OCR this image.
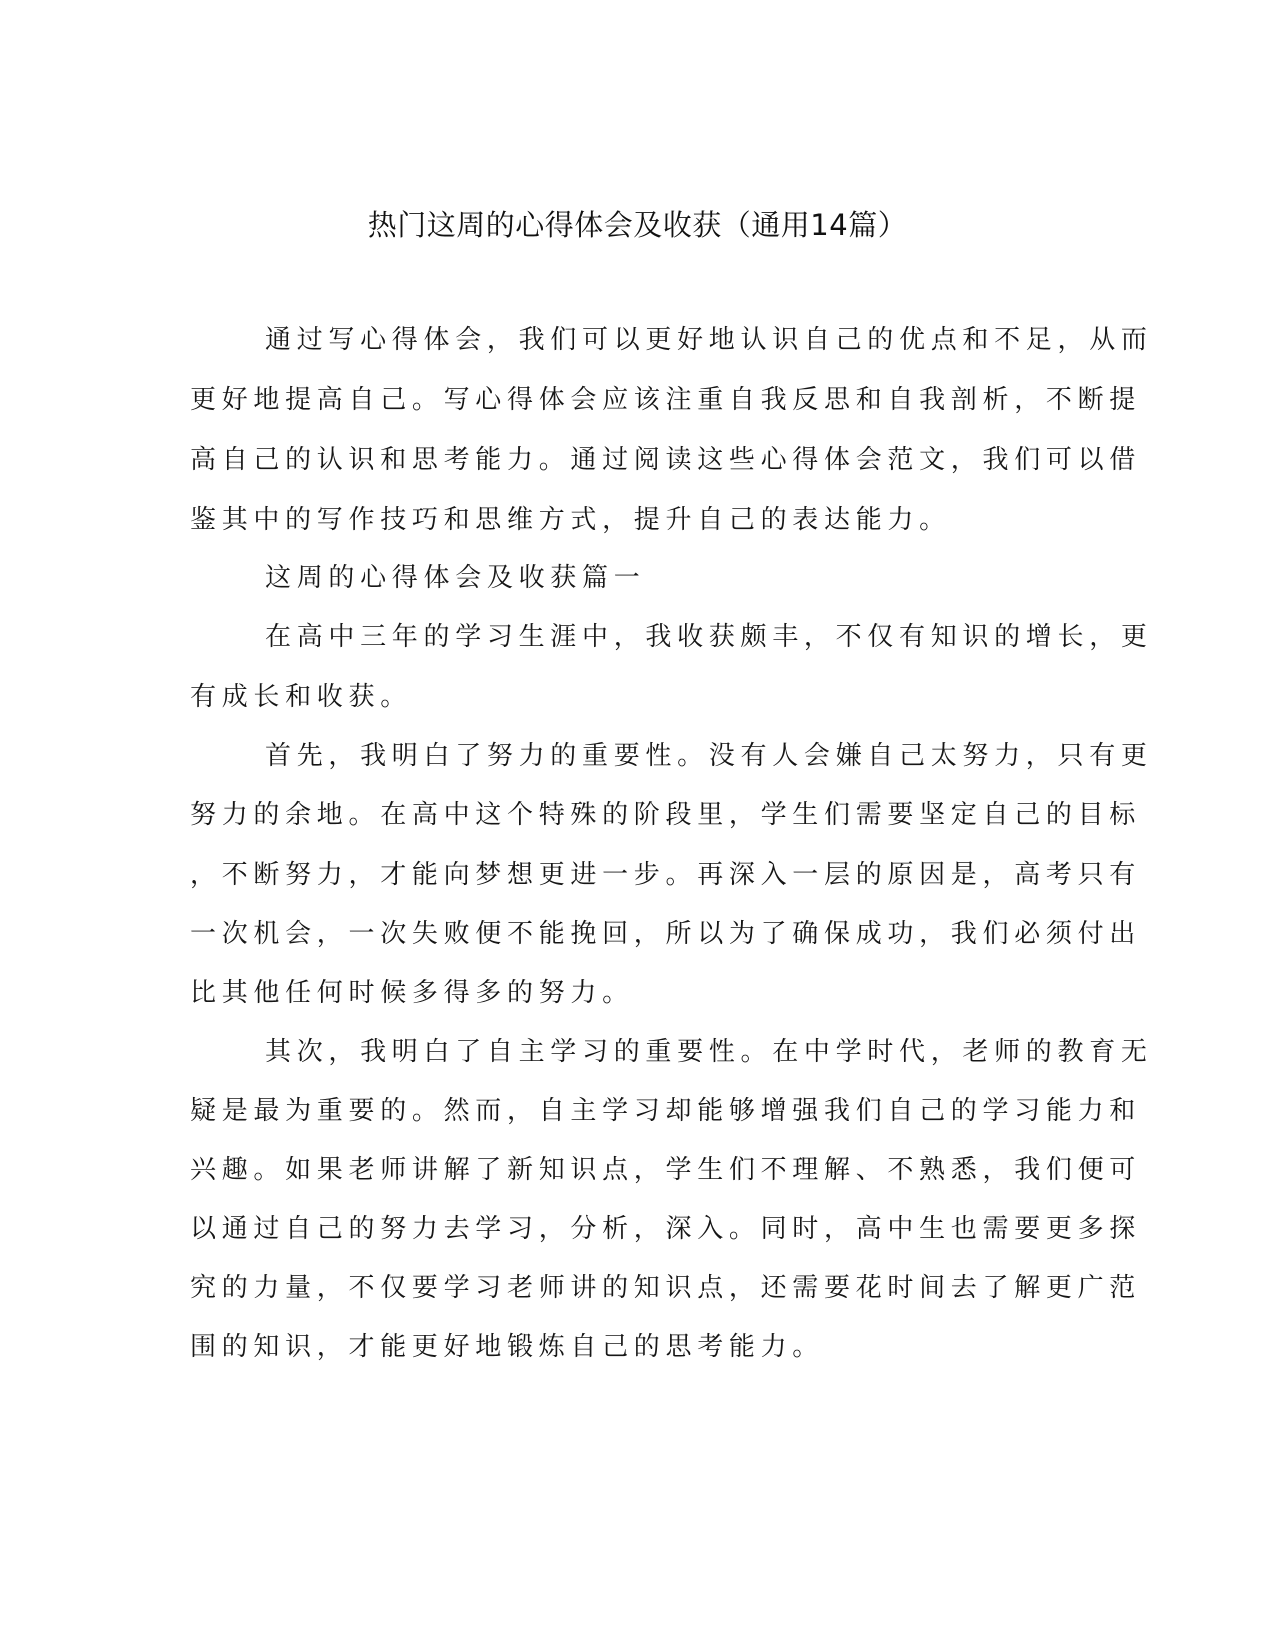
热门这周的心得体会及收获（通用14篇）
通过写心得体会，我们可以更好地认识自己的优点和不足，从而
更好地提高自己。写心得体会应该注重自我反思和自我剖析，不断提
高自己的认识和思考能力。通过阅读这些心得体会范文，我们可以借
鉴其中的写作技巧和思维方式，提升自己的表达能力。
这周的心得体会及收获篇一
在高中三年的学习生涯中，我收获颇丰，不仅有知识的增长，更
有成长和收获。
首先，我明白了努力的重要性。没有人会嫌自己太努力，只有更
努力的余地。在高中这个特殊的阶段里，学生们需要坚定自己的目标
，不断努力，才能向梦想更进一步。再深入一层的原因是，高考只有
一次机会，一次失败便不能挽回，所以为了确保成功，我们必须付出
比其他任何时候多得多的努力。
其次，我明白了自主学习的重要性。在中学时代，老师的教育无
疑是最为重要的。然而，自主学习却能够增强我们自己的学习能力和
兴趣。如果老师讲解了新知识点，学生们不理解、不熟悉，我们便可
以通过自己的努力去学习，分析，深入。同时，高中生也需要更多探
究的力量，不仅要学习老师讲的知识点，还需要花时间去了解更广范
围的知识，才能更好地锻炼自己的思考能力。
